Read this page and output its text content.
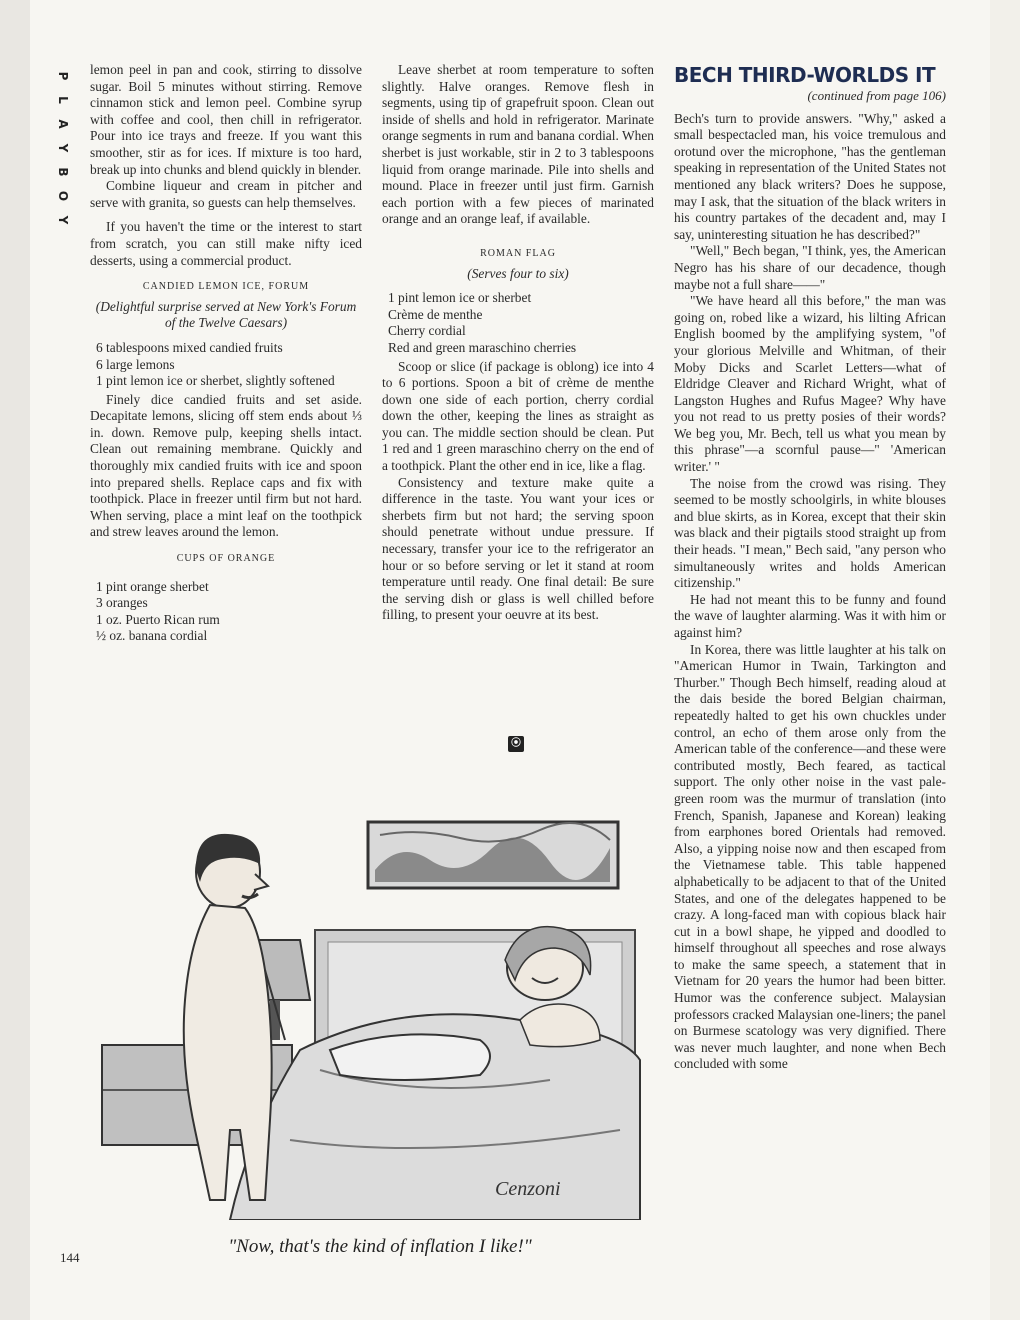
P
L
A
Y
B
O
Y

lemon peel in pan and cook, stirring to dissolve sugar. Boil 5 minutes without stirring. Remove cinnamon stick and lemon peel. Combine syrup with coffee and cool, then chill in refrigerator. Pour into ice trays and freeze. If you want this smoother, stir as for ices. If mixture is too hard, break up into chunks and blend quickly in blender.

Combine liqueur and cream in pitcher and serve with granita, so guests can help themselves.

If you haven't the time or the interest to start from scratch, you can still make nifty iced desserts, using a commercial product.

CANDIED LEMON ICE, FORUM
(Delightful surprise served at New York's Forum of the Twelve Caesars)
6 tablespoons mixed candied fruits
6 large lemons
1 pint lemon ice or sherbet, slightly softened

Finely dice candied fruits and set aside. Decapitate lemons, slicing off stem ends about ⅓ in. down. Remove pulp, keeping shells intact. Clean out remaining membrane. Quickly and thoroughly mix candied fruits with ice and spoon into prepared shells. Replace caps and fix with toothpick. Place in freezer until firm but not hard. When serving, place a mint leaf on the toothpick and strew leaves around the lemon.

CUPS OF ORANGE
1 pint orange sherbet
3 oranges
1 oz. Puerto Rican rum
½ oz. banana cordial

Leave sherbet at room temperature to soften slightly. Halve oranges. Remove flesh in segments, using tip of grapefruit spoon. Clean out inside of shells and hold in refrigerator. Marinate orange segments in rum and banana cordial. When sherbet is just workable, stir in 2 to 3 tablespoons liquid from orange marinade. Pile into shells and mound. Place in freezer until just firm. Garnish each portion with a few pieces of marinated orange and an orange leaf, if available.

ROMAN FLAG
(Serves four to six)
1 pint lemon ice or sherbet
Crème de menthe
Cherry cordial
Red and green maraschino cherries

Scoop or slice (if package is oblong) ice into 4 to 6 portions. Spoon a bit of crème de menthe down one side of each portion, cherry cordial down the other, keeping the lines as straight as you can. The middle section should be clean. Put 1 red and 1 green maraschino cherry on the end of a toothpick. Plant the other end in ice, like a flag.

Consistency and texture make quite a difference in the taste. You want your ices or sherbets firm but not hard; the serving spoon should penetrate without undue pressure. If necessary, transfer your ice to the refrigerator an hour or so before serving or let it stand at room temperature until ready. One final detail: Be sure the serving dish or glass is well chilled before filling, to present your oeuvre at its best.

⦿
BECH THIRD-WORLDS IT
(continued from page 106)

Bech's turn to provide answers. "Why," asked a small bespectacled man, his voice tremulous and orotund over the microphone, "has the gentleman speaking in representation of the United States not mentioned any black writers? Does he suppose, may I ask, that the situation of the black writers in his country partakes of the decadent and, may I say, uninteresting situation he has described?"

"Well," Bech began, "I think, yes, the American Negro has his share of our decadence, though maybe not a full share——"

"We have heard all this before," the man was going on, robed like a wizard, his lilting African English boomed by the amplifying system, "of your glorious Melville and Whitman, of their Moby Dicks and Scarlet Letters—what of Eldridge Cleaver and Richard Wright, what of Langston Hughes and Rufus Magee? Why have you not read to us pretty posies of their words? We beg you, Mr. Bech, tell us what you mean by this phrase"—a scornful pause—" 'American writer.' "

The noise from the crowd was rising. They seemed to be mostly schoolgirls, in white blouses and blue skirts, as in Korea, except that their skin was black and their pigtails stood straight up from their heads. "I mean," Bech said, "any person who simultaneously writes and holds American citizenship."

He had not meant this to be funny and found the wave of laughter alarming. Was it with him or against him?

In Korea, there was little laughter at his talk on "American Humor in Twain, Tarkington and Thurber." Though Bech himself, reading aloud at the dais beside the bored Belgian chairman, repeatedly halted to get his own chuckles under control, an echo of them arose only from the American table of the conference—and these were contributed mostly, Bech feared, as tactical support. The only other noise in the vast pale-green room was the murmur of translation (into French, Spanish, Japanese and Korean) leaking from earphones bored Orientals had removed. Also, a yipping noise now and then escaped from the Vietnamese table. This table happened alphabetically to be adjacent to that of the United States, and one of the delegates happened to be crazy. A long-faced man with copious black hair cut in a bowl shape, he yipped and doodled to himself throughout all speeches and rose always to make the same speech, a statement that in Vietnam for 20 years the humor had been bitter. Humor was the conference subject. Malaysian professors cracked Malaysian one-liners; the panel on Burmese scatology was very dignified. There was never much laughter, and none when Bech concluded with some

Cenzoni
"Now, that's the kind of inflation I like!"
144
